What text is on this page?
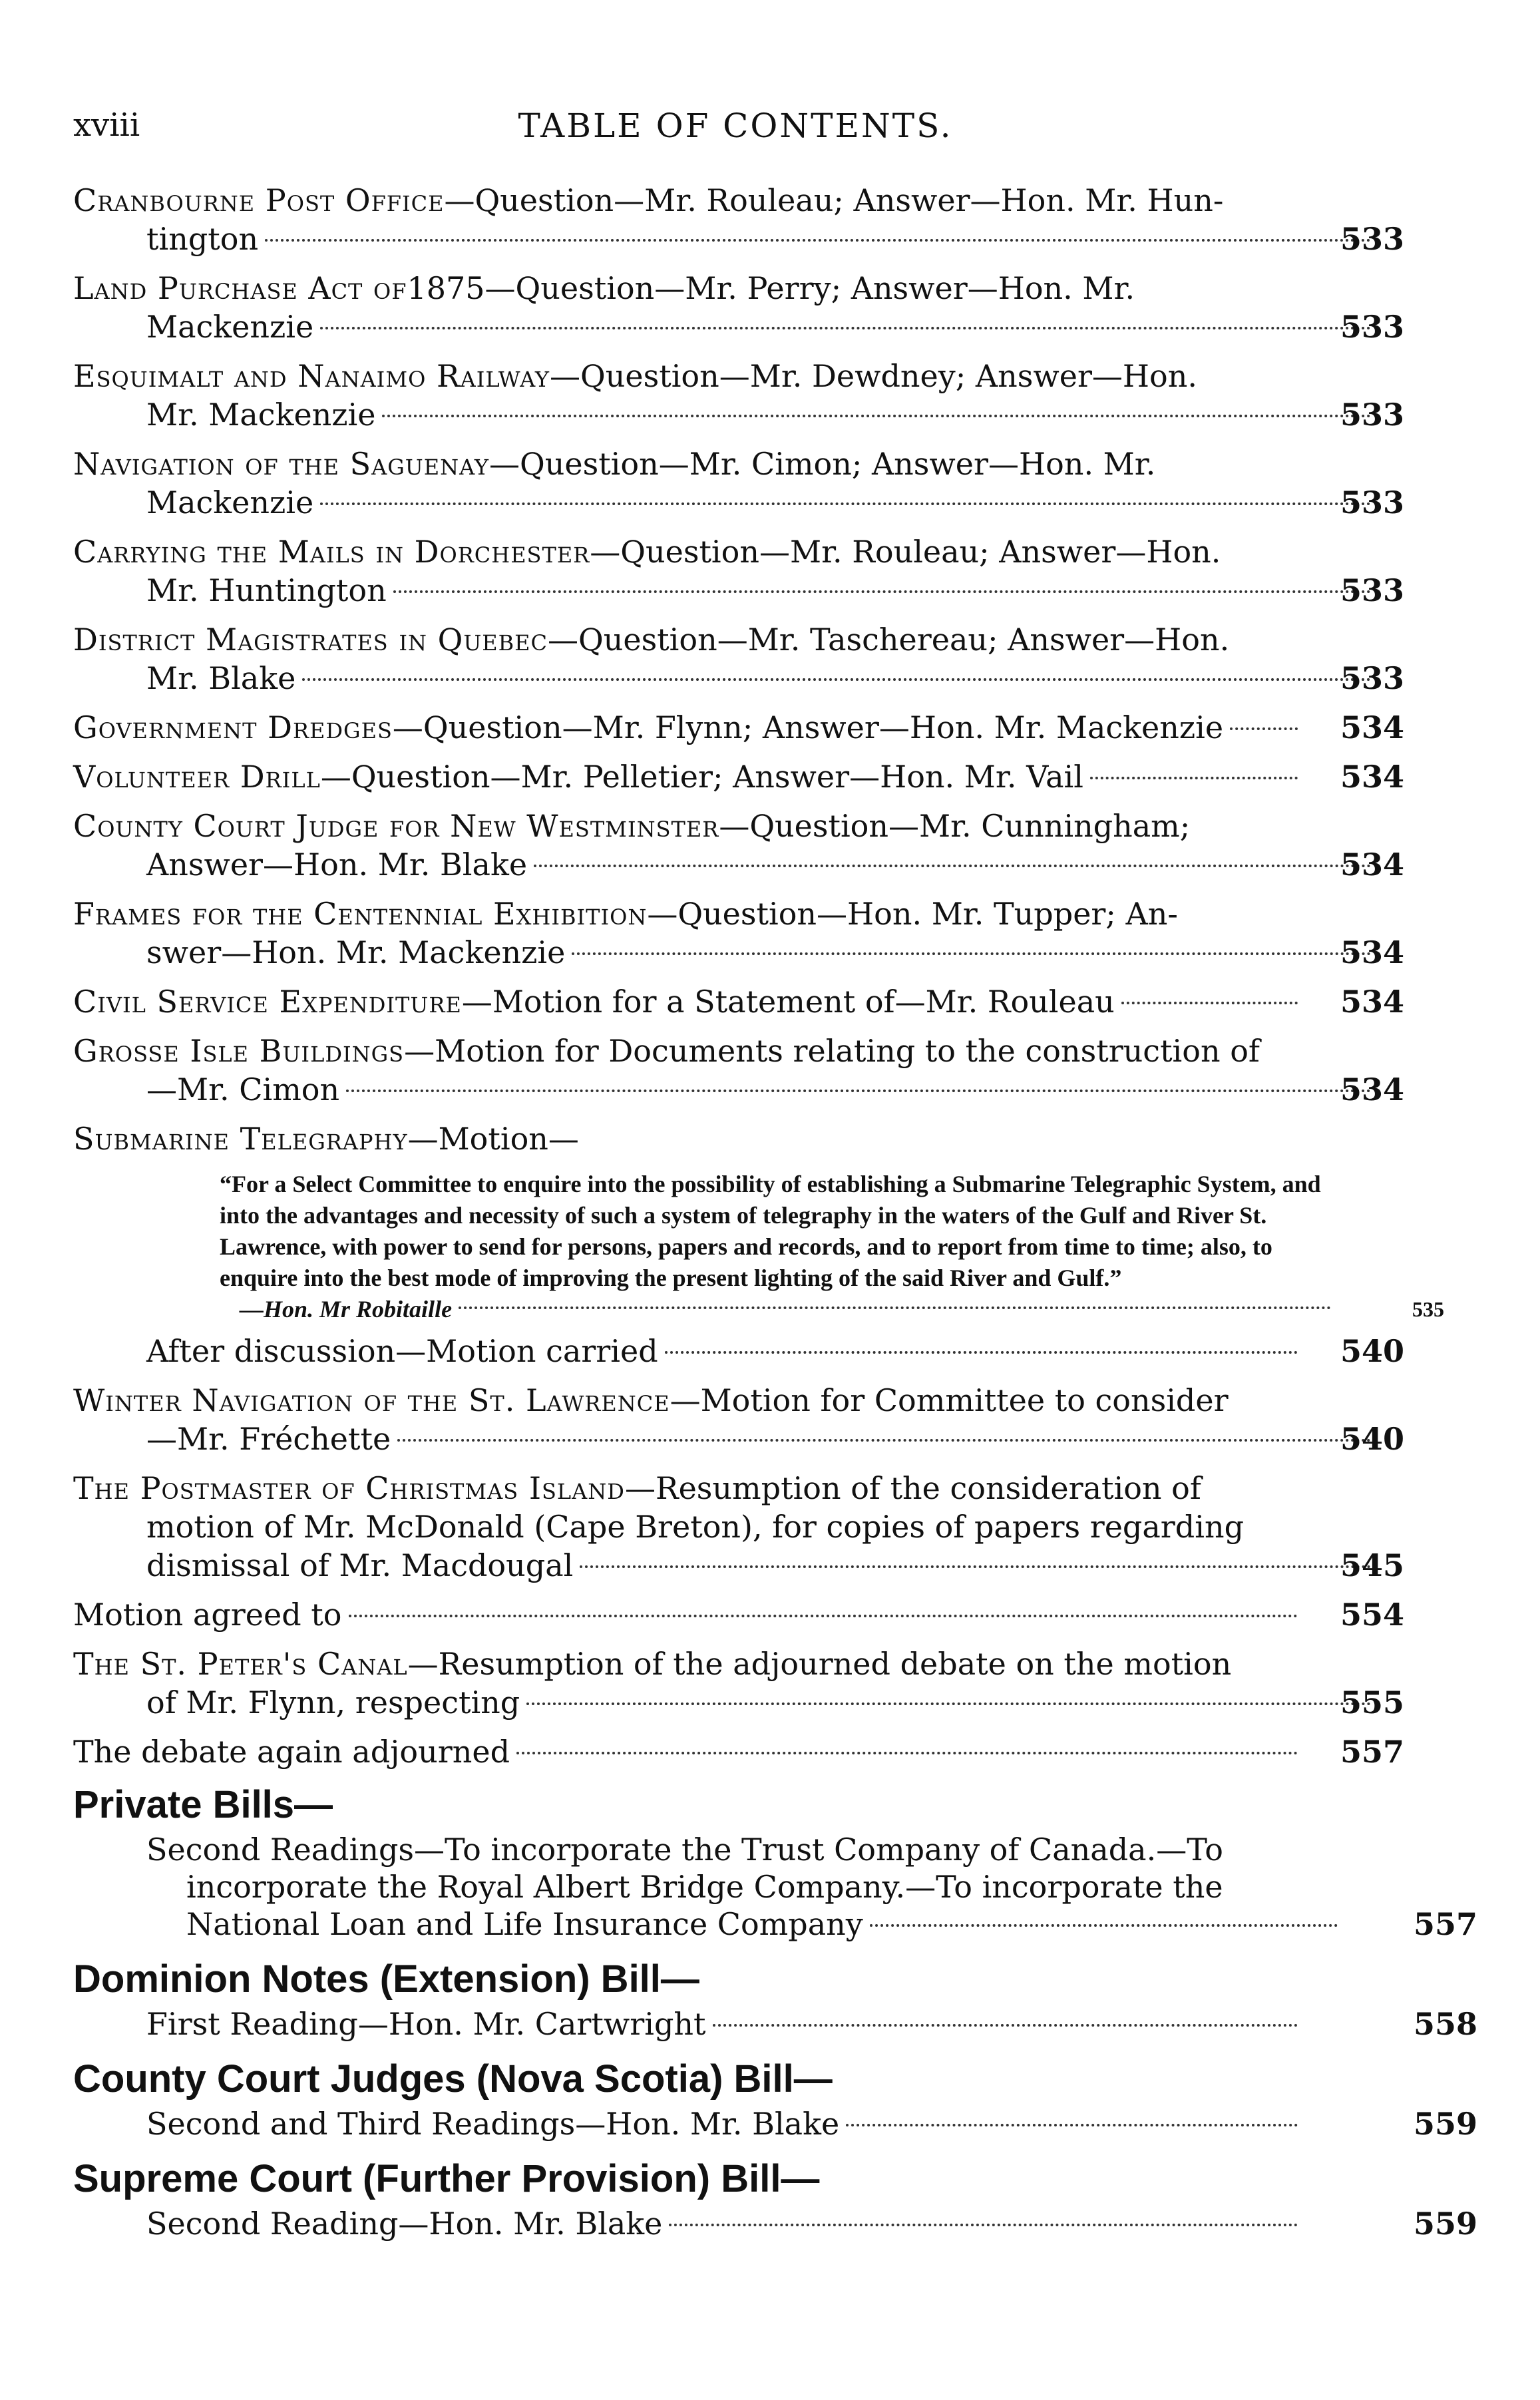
xviii	TABLE OF CONTENTS.
Cranbourne Post Office —Question—Mr. Rouleau; Answer—Hon. Mr. Hun-
tington	533
Land Purchase Act of 1875—Question—Mr. Perry; Answer—Hon. Mr.
Mackenzie	533
Esquimalt and Nanaimo Railway —Question—Mr. Dewdney; Answer—Hon.
Mr. Mackenzie	533
Navigation of the Saguenay —Question—Mr. Cimon; Answer—Hon. Mr.
Mackenzie	533
Carrying the Mails in Dorchester —Question—Mr. Rouleau; Answer—Hon.
Mr. Huntington	533
District Magistrates in Quebec —Question—Mr. Taschereau; Answer—Hon.
Mr. Blake	533
Government Dredges —Question—Mr. Flynn; Answer—Hon. Mr. Mackenzie	534
Volunteer Drill —Question—Mr. Pelletier; Answer—Hon. Mr. Vail	534
County Court Judge for New Westminster —Question—Mr. Cunningham;
Answer—Hon. Mr. Blake	534
Frames for the Centennial Exhibition —Question—Hon. Mr. Tupper; An-
swer—Hon. Mr. Mackenzie	534
Civil Service Expenditure —Motion for a Statement of—Mr. Rouleau	534
Grosse Isle Buildings —Motion for Documents relating to the construction of
—Mr. Cimon	534
Submarine Telegraphy —Motion—
“For a Select Committee to enquire into the possibility of establishing a Submarine Telegraphic System, and into the advantages and necessity of such a system of telegraphy in the waters of the Gulf and River St. Lawrence, with power to send for persons, papers and records, and to report from time to time; also, to enquire into the best mode of improving the present lighting of the said River and Gulf.”
—Hon. Mr Robitaille	535
After discussion—Motion carried	540
Winter Navigation of the St. Lawrence —Motion for Committee to consider
—Mr. Fréchette	540
The Postmaster of Christmas Island —Resumption of the consideration of
motion of Mr. McDonald (Cape Breton), for copies of papers regarding
dismissal of Mr. Macdougal	545
Motion agreed to	554
The St. Peter's Canal —Resumption of the adjourned debate on the motion
of Mr. Flynn, respecting	555
The debate again adjourned	557
Private Bills—
Second Readings—To incorporate the Trust Company of Canada.—To
incorporate the Royal Albert Bridge Company.—To incorporate the
National Loan and Life Insurance Company	557
Dominion Notes (Extension) Bill—
First Reading—Hon. Mr. Cartwright	558
County Court Judges (Nova Scotia) Bill—
Second and Third Readings—Hon. Mr. Blake	559
Supreme Court (Further Provision) Bill—
Second Reading—Hon. Mr. Blake	559
